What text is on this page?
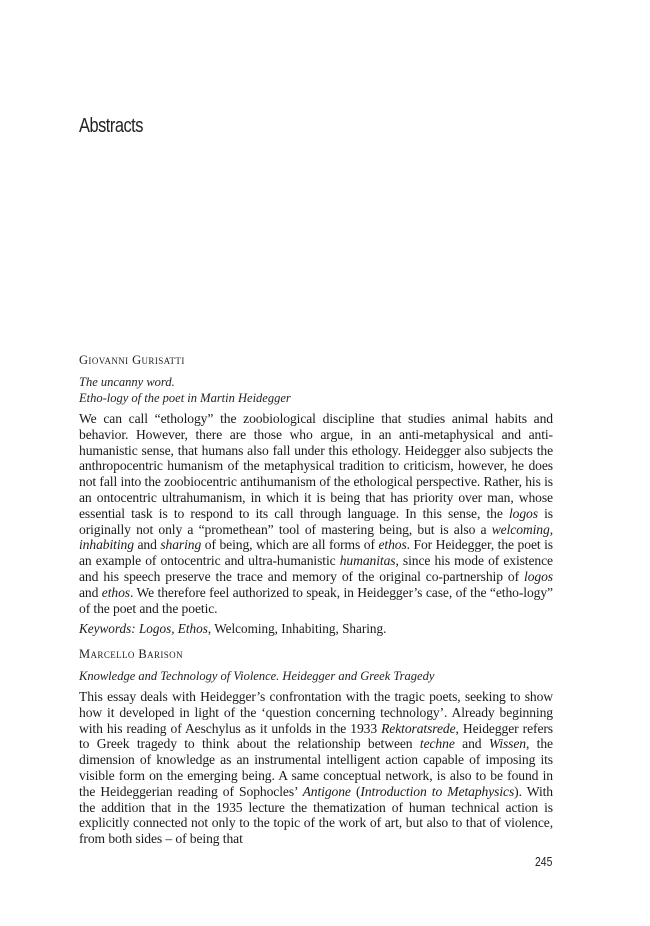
Abstracts

Giovanni Gurisatti

The uncanny word.
Etho-logy of the poet in Martin Heidegger

We can call “ethology” the zoobiological discipline that studies animal habits and behavior. However, there are those who argue, in an anti-metaphysical and anti-humanistic sense, that humans also fall under this ethology. Heidegger also subjects the anthropocentric humanism of the metaphysical tradition to criticism, however, he does not fall into the zoobiocentric antihumanism of the ethological perspective. Rather, his is an ontocentric ultrahumanism, in which it is being that has priority over man, whose essential task is to respond to its call through language. In this sense, the logos is originally not only a “promethean” tool of mastering being, but is also a welcoming, inhabiting and sharing of being, which are all forms of ethos. For Heidegger, the poet is an example of ontocentric and ultra-humanistic humanitas, since his mode of existence and his speech preserve the trace and memory of the original co-partnership of logos and ethos. We therefore feel authorized to speak, in Heidegger’s case, of the “etho-logy” of the poet and the poetic.

Keywords: Logos, Ethos, Welcoming, Inhabiting, Sharing.

Marcello Barison

Knowledge and Technology of Violence. Heidegger and Greek Tragedy

This essay deals with Heidegger’s confrontation with the tragic poets, seeking to show how it developed in light of the ‘question concerning technology’. Already beginning with his reading of Aeschylus as it unfolds in the 1933 Rektoratsrede, Heidegger refers to Greek tragedy to think about the relationship between techne and Wissen, the dimension of knowledge as an instrumental intelligent action capable of imposing its visible form on the emerging being. A same conceptual network, is also to be found in the Heideggerian reading of Sophocles’ Antigone (Introduction to Metaphysics). With the addition that in the 1935 lecture the thematization of human technical action is explicitly connected not only to the topic of the work of art, but also to that of violence, from both sides – of being that

245
